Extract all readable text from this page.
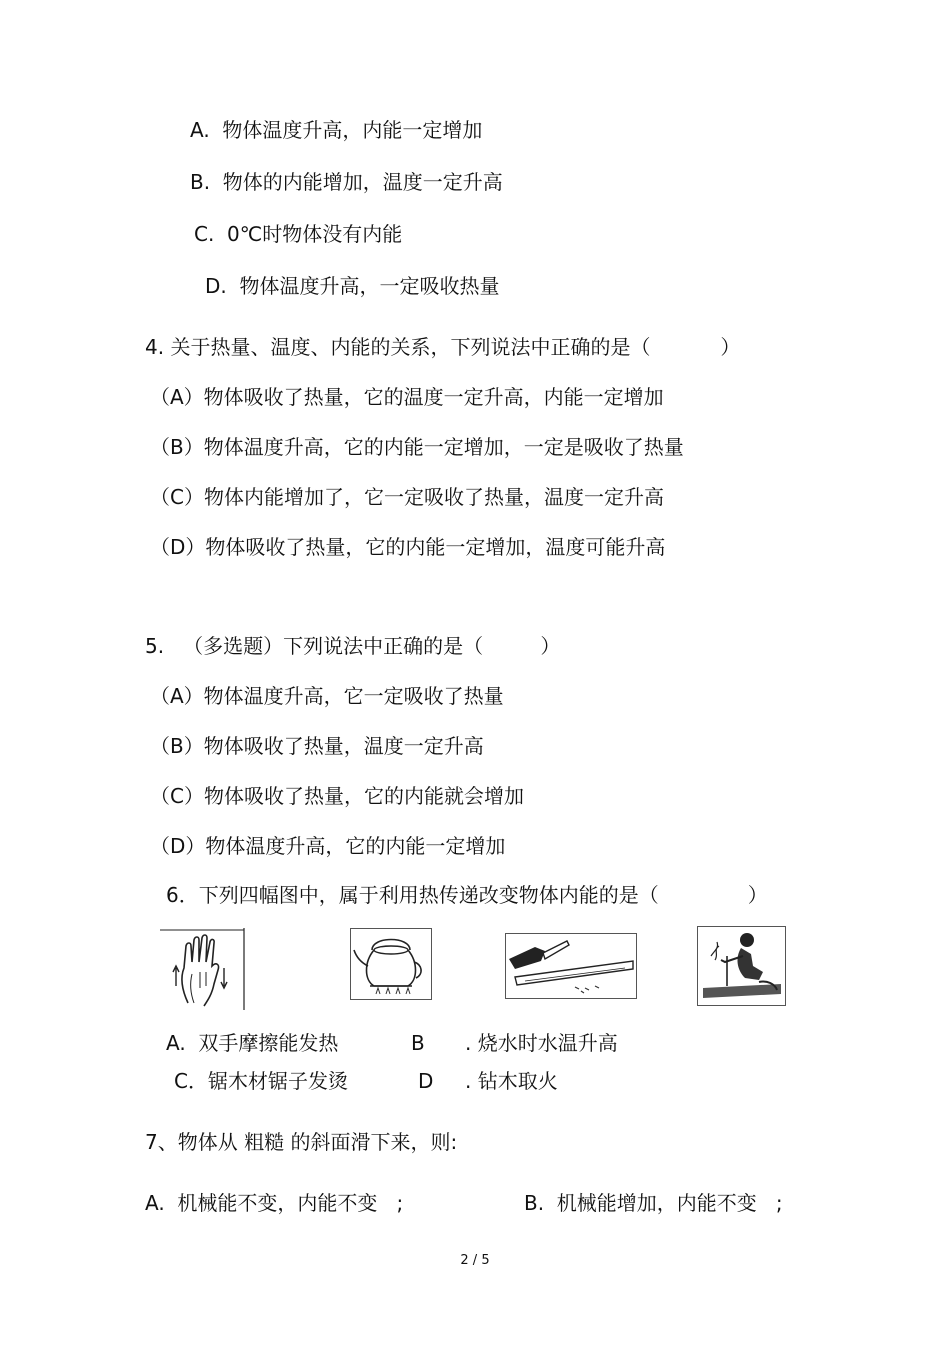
A.  物体温度升高，内能一定增加
B.  物体的内能增加，温度一定升高
C.  0℃时物体没有内能
D.  物体温度升高，一定吸收热量
4. 关于热量、温度、内能的关系，下列说法中正确的是（           ）
（A）物体吸收了热量，它的温度一定升高，内能一定增加
（B）物体温度升高，它的内能一定增加，一定是吸收了热量
（C）物体内能增加了，它一定吸收了热量，温度一定升高
（D）物体吸收了热量，它的内能一定增加，温度可能升高
5.   （多选题）下列说法中正确的是（         ）
（A）物体温度升高，它一定吸收了热量
（B）物体吸收了热量，温度一定升高
（C）物体吸收了热量，它的内能就会增加
（D）物体温度升高，它的内能一定增加
6．下列四幅图中，属于利用热传递改变物体内能的是（              ）
A.  双手摩擦能发热	B . 烧水时水温升高
C．锯木材锯子发烫	D . 钻木取火
7、物体从 粗糙 的斜面滑下来，则:
A.  机械能不变，内能不变   ;	B.  机械能增加，内能不变   ;
2 / 5
